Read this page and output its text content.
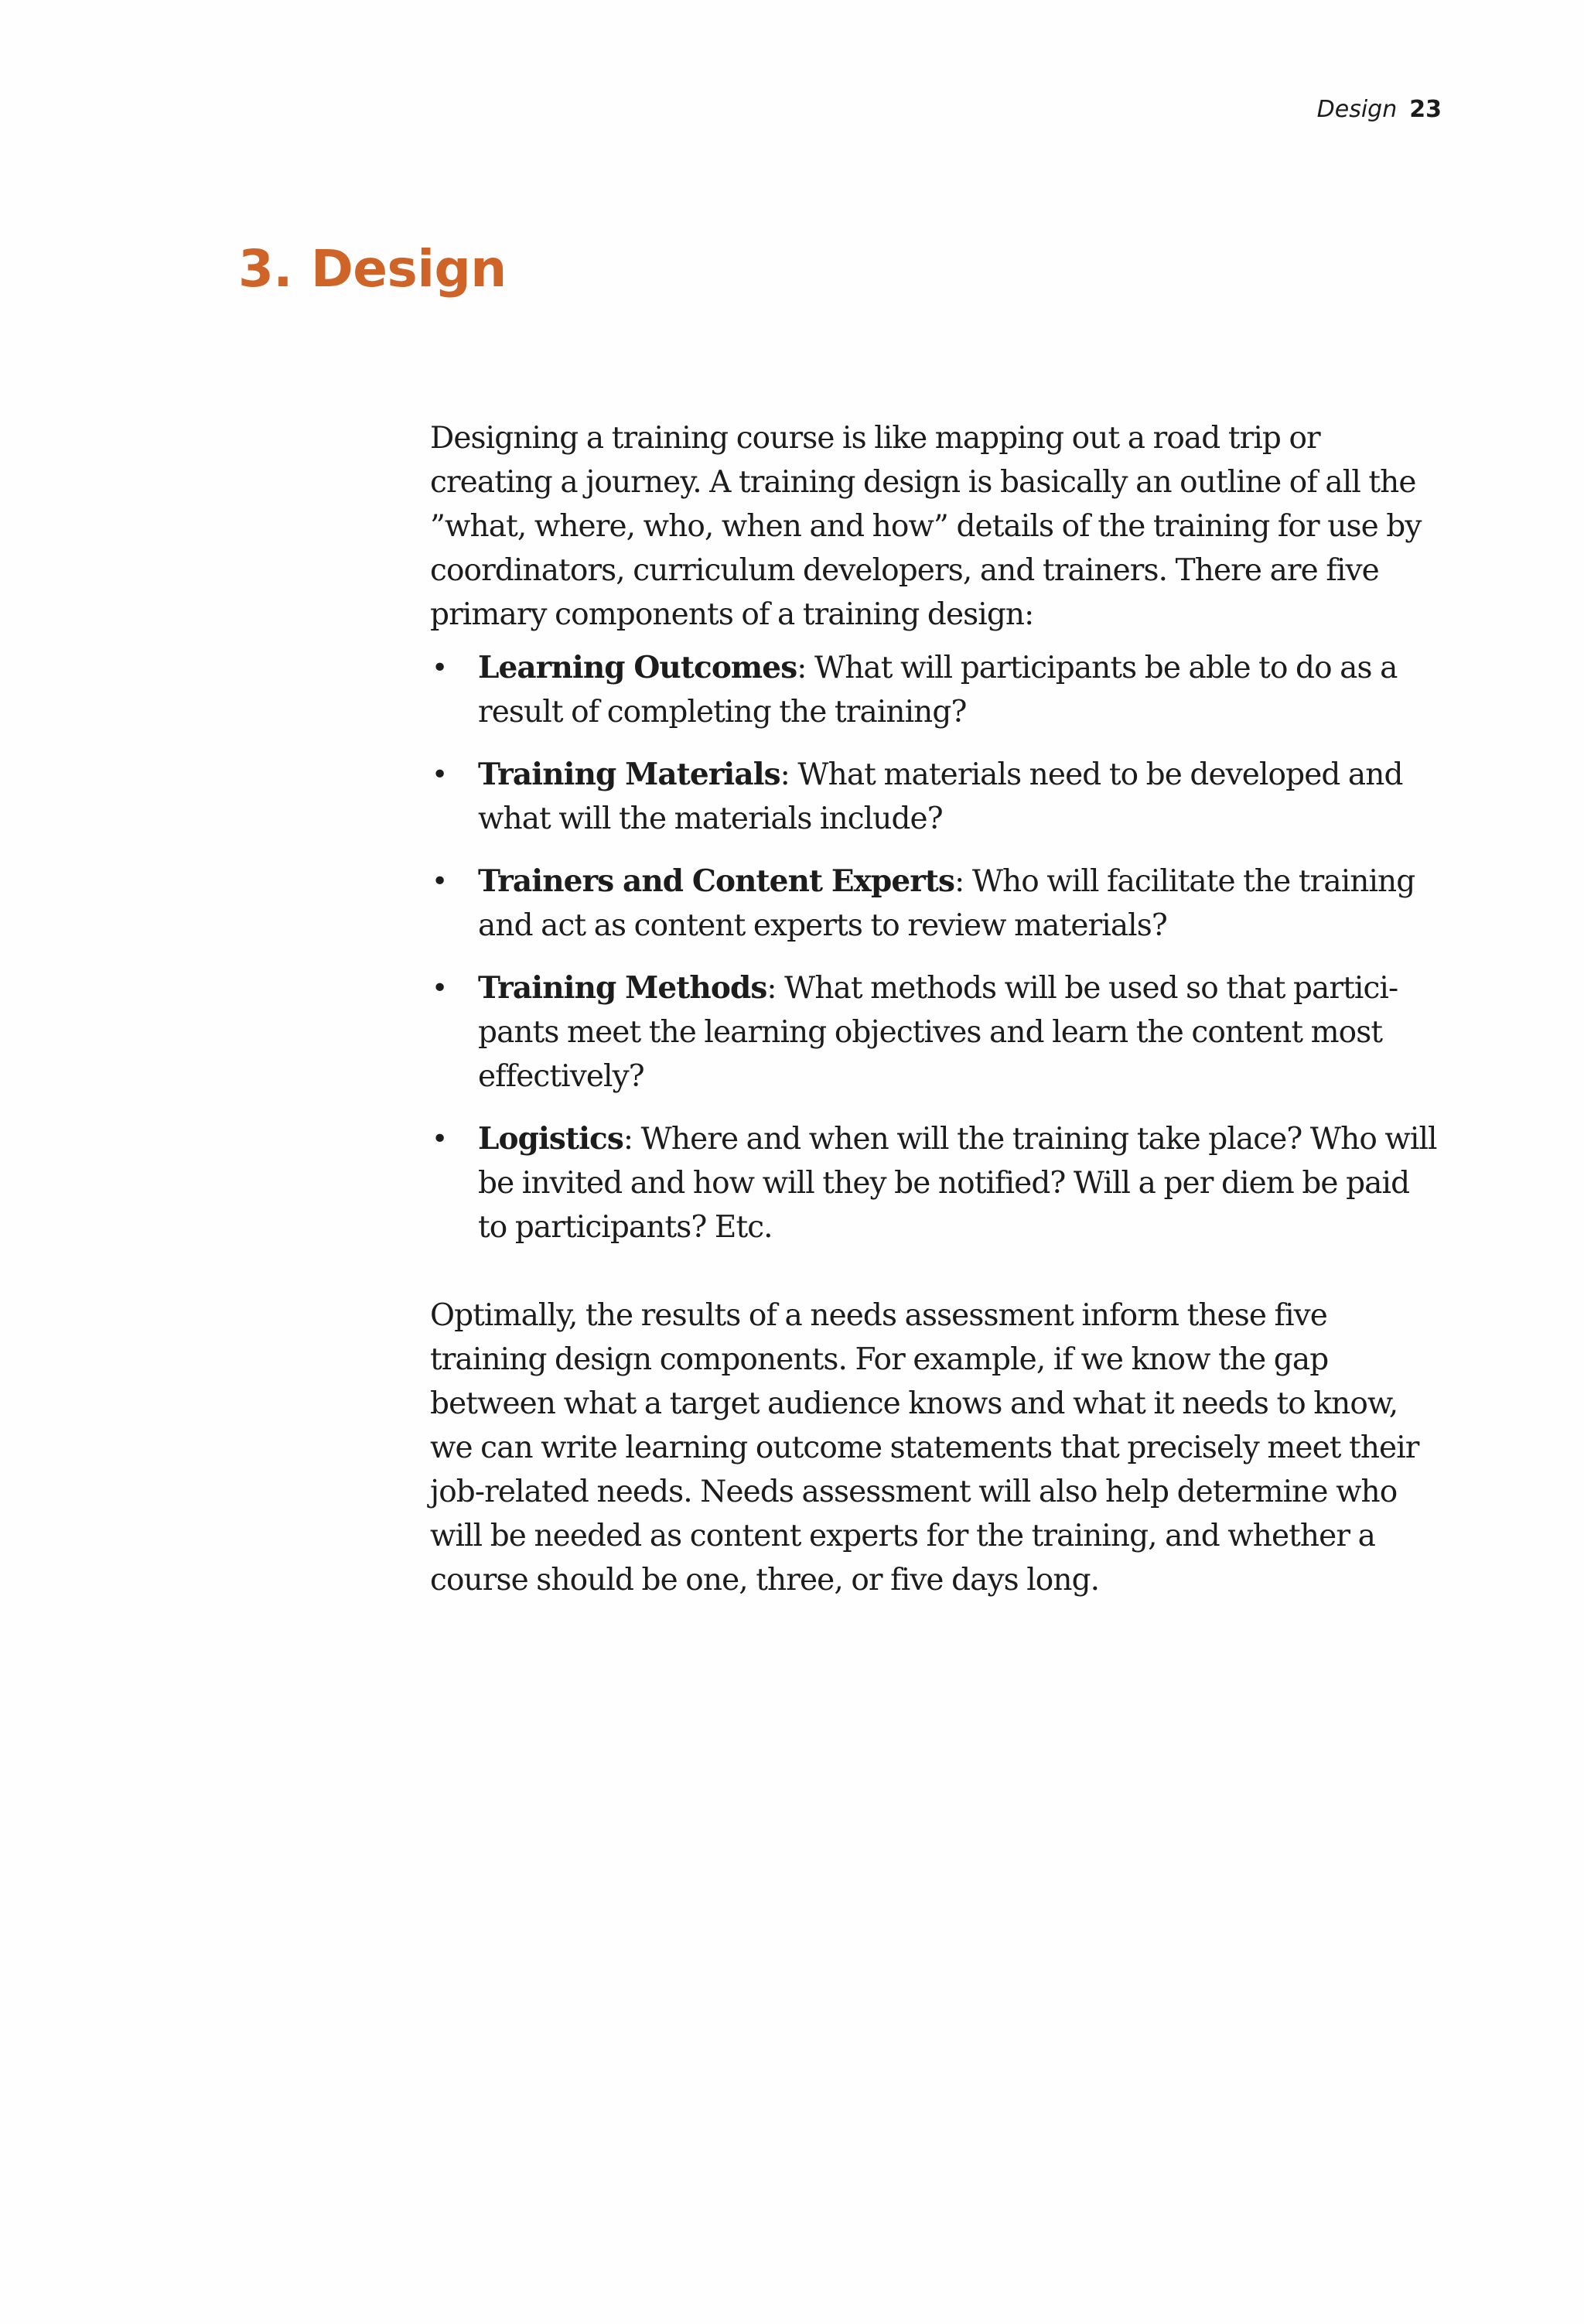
Design 23
3. Design

Designing a training course is like mapping out a road trip or creating a journey. A training design is basically an outline of all the ”what, where, who, when and how” details of the training for use by coordinators, curriculum developers, and trainers. There are five primary components of a training design:

• Learning Outcomes: What will participants be able to do as a result of completing the training?
• Training Materials: What materials need to be developed and what will the materials include?
• Trainers and Content Experts: Who will facilitate the training and act as content experts to review materials?
• Training Methods: What methods will be used so that participants meet the learning objectives and learn the content most effectively?
• Logistics: Where and when will the training take place? Who will be invited and how will they be notified? Will a per diem be paid to participants? Etc.

Optimally, the results of a needs assessment inform these five training design components. For example, if we know the gap between what a target audience knows and what it needs to know, we can write learning outcome statements that precisely meet their job-related needs. Needs assessment will also help determine who will be needed as content experts for the training, and whether a course should be one, three, or five days long.
